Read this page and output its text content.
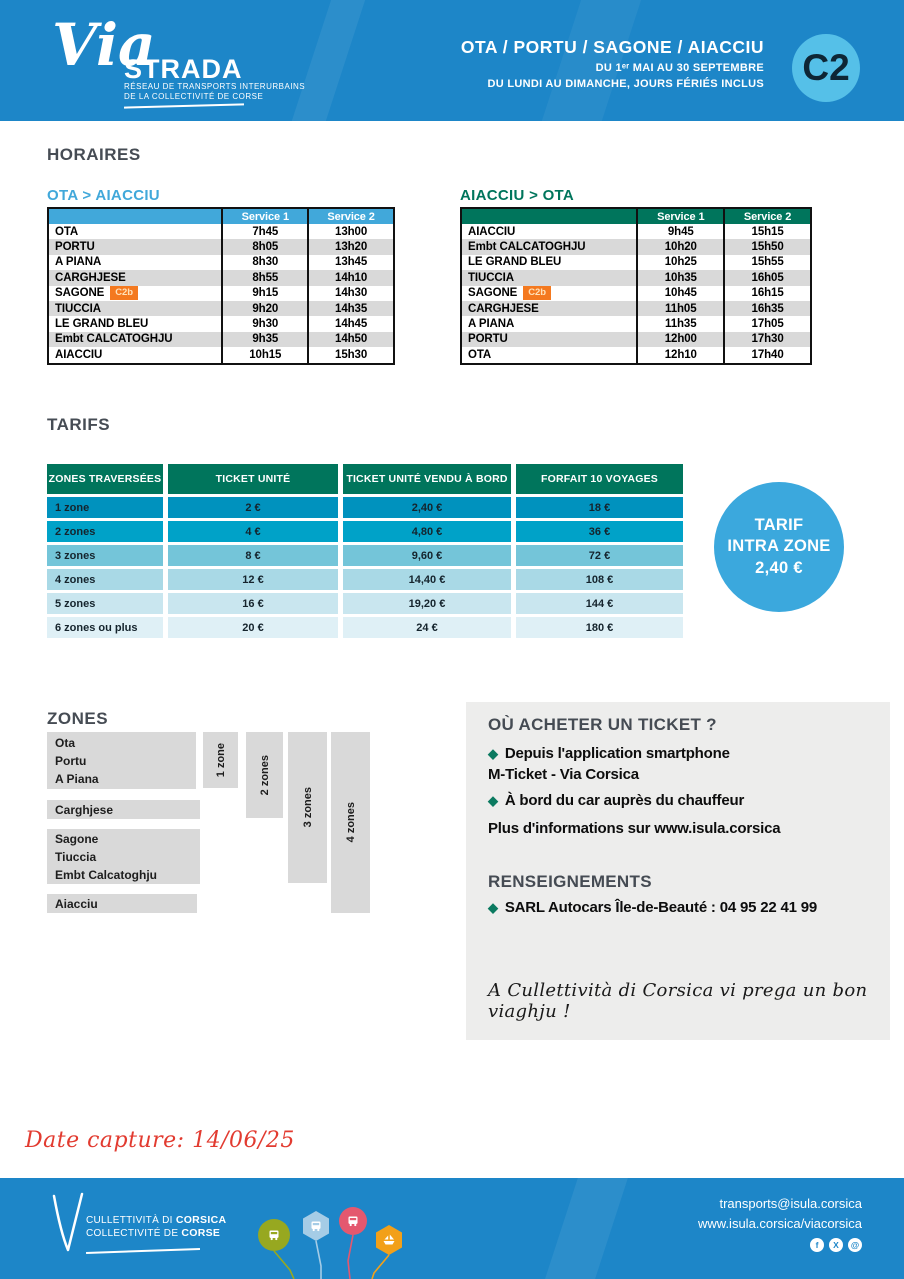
Via
STRADA
RÉSEAU DE TRANSPORTS INTERURBAINS
DE LA COLLECTIVITÉ DE CORSE
OTA / PORTU / SAGONE / AIACCIU
DU 1ᵉʳ MAI AU 30 SEPTEMBRE
DU LUNDI AU DIMANCHE, JOURS FÉRIÉS INCLUS C2
HORAIRES
OTA > AIACCIU
	Service 1	Service 2
OTA	7h45	13h00
PORTU	8h05	13h20
A PIANA	8h30	13h45
CARGHJESE	8h55	14h10
SAGONE C2b	9h15	14h30
TIUCCIA	9h20	14h35
LE GRAND BLEU	9h30	14h45
Embt CALCATOGHJU	9h35	14h50
AIACCIU	10h15	15h30
AIACCIU > OTA
	Service 1	Service 2
AIACCIU	9h45	15h15
Embt CALCATOGHJU	10h20	15h50
LE GRAND BLEU	10h25	15h55
TIUCCIA	10h35	16h05
SAGONE C2b	10h45	16h15
CARGHJESE	11h05	16h35
A PIANA	11h35	17h05
PORTU	12h00	17h30
OTA	12h10	17h40
TARIFS
ZONES TRAVERSÉES	TICKET UNITÉ	TICKET UNITÉ VENDU À BORD	FORFAIT 10 VOYAGES
1 zone	2 €	2,40 €	18 €
2 zones	4 €	4,80 €	36 €
3 zones	8 €	9,60 €	72 €
4 zones	12 €	14,40 €	108 €
5 zones	16 €	19,20 €	144 €
6 zones ou plus	20 €	24 €	180 €
TARIF
INTRA ZONE
2,40 €
ZONES
Ota
Portu
A Piana
Carghjese
Sagone
Tiuccia
Embt Calcatoghju
Aiacciu
1 zone	2 zones
3 zones	4 zones
OÙ ACHETER UN TICKET ?
◆ Depuis l'application smartphone
M-Ticket - Via Corsica
◆ À bord du car auprès du chauffeur
Plus d'informations sur www.isula.corsica
RENSEIGNEMENTS
◆ SARL Autocars Île-de-Beauté : 04 95 22 41 99
A Cullettività di Corsica vi prega un bon viaghju !
Date capture: 14/06/25
CULLETTIVITÀ DI CORSICA
COLLECTIVITÉ DE CORSE
transports@isula.corsica
www.isula.corsica/viacorsica
f	X	@
